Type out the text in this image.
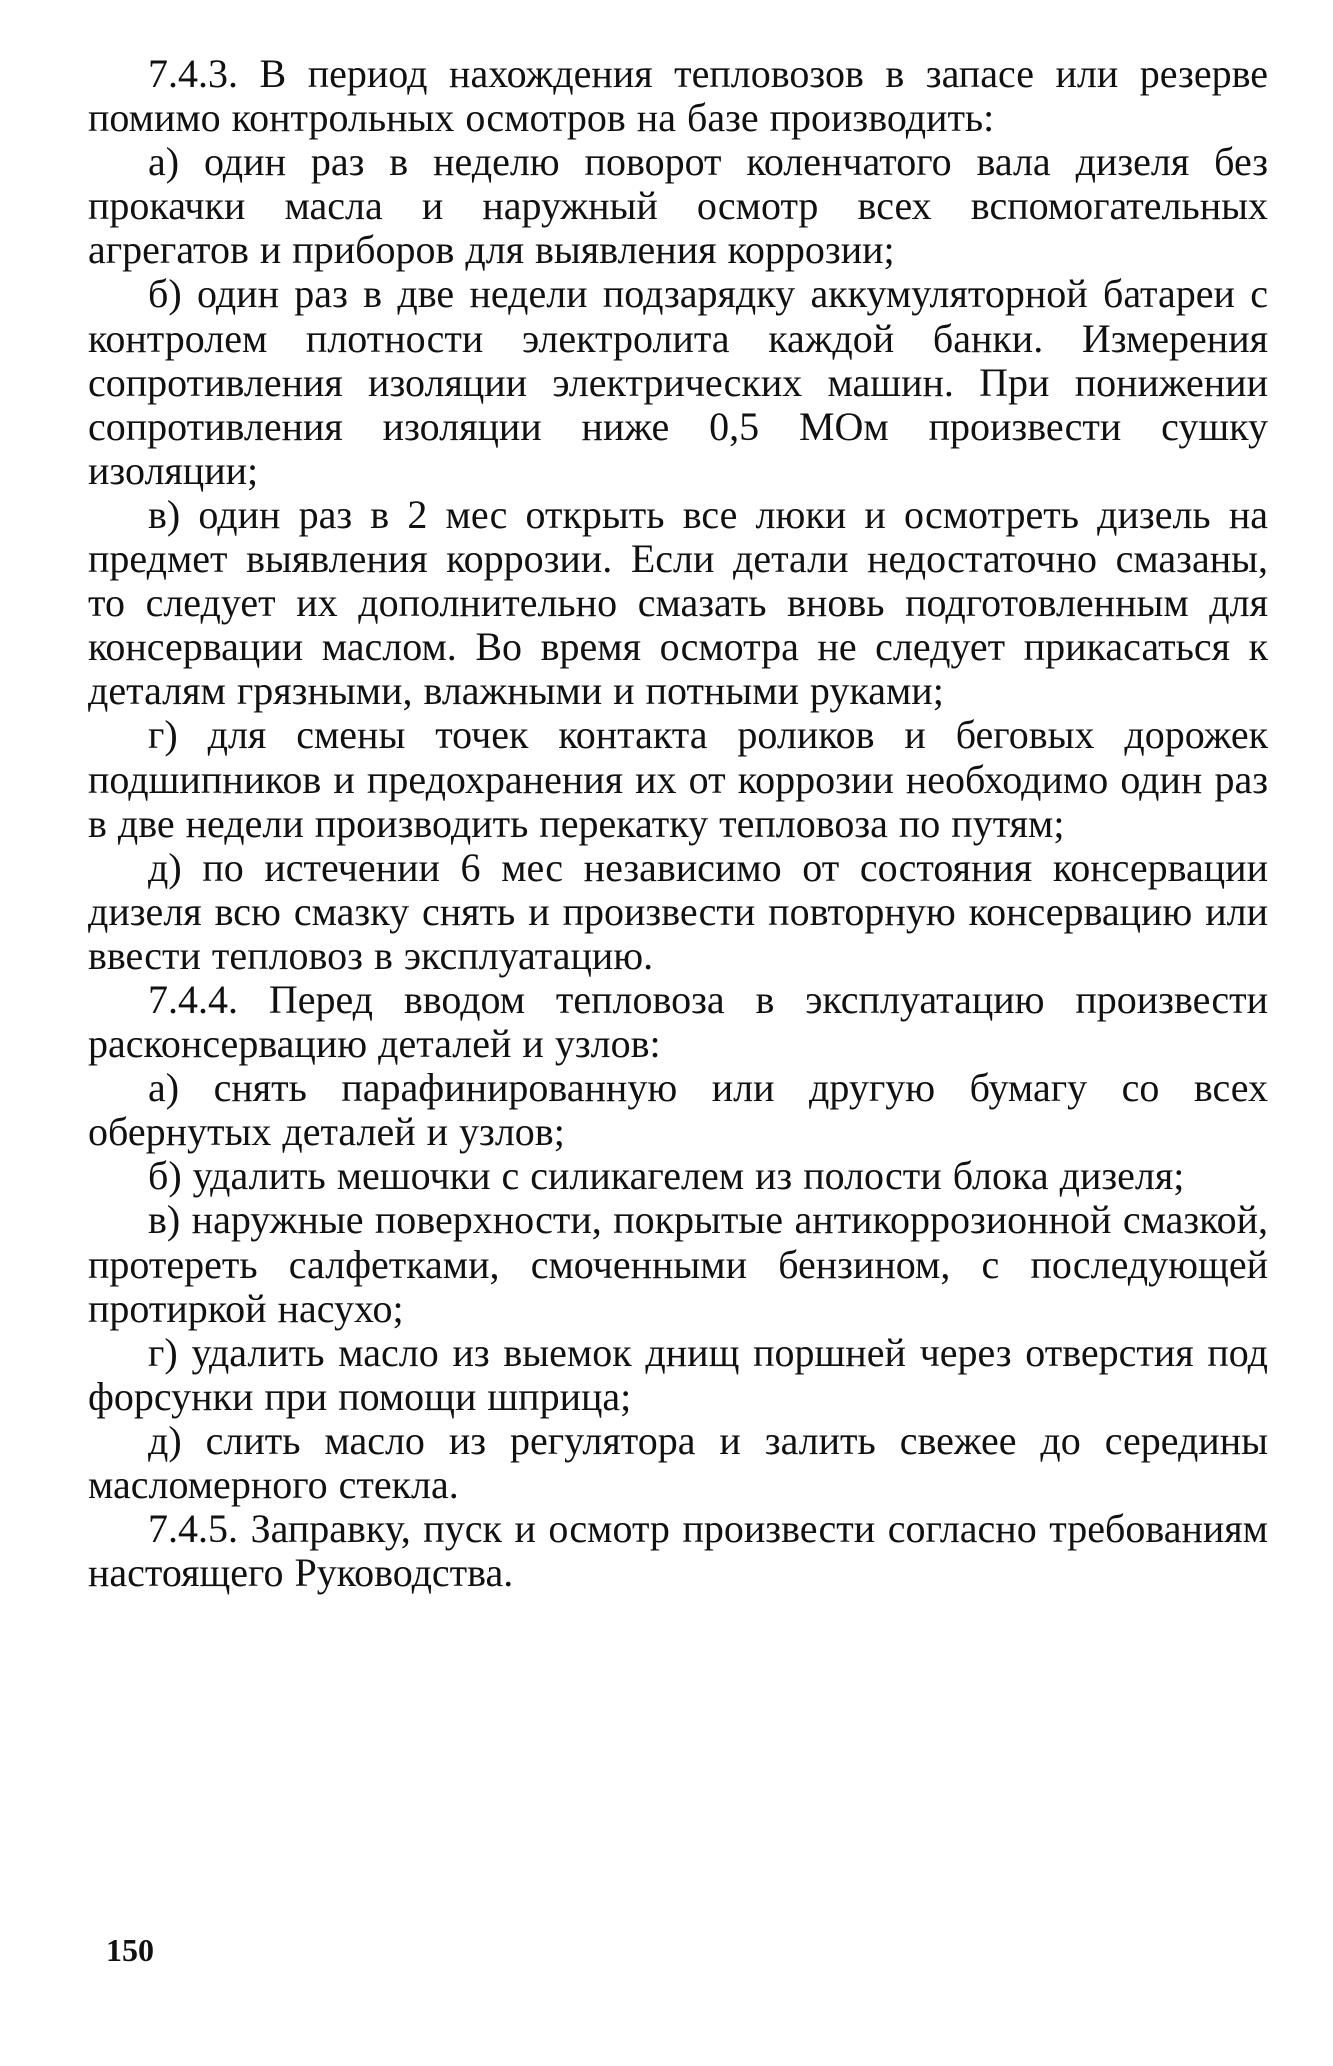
7.4.3. В период нахождения тепловозов в запасе или резерве помимо контрольных осмотров на базе производить:

а) один раз в неделю поворот коленчатого вала дизеля без прокачки масла и наружный осмотр всех вспомогательных агрегатов и приборов для выявления коррозии;

б) один раз в две недели подзарядку аккумуляторной батареи с контролем плотности электролита каждой банки. Измерения сопротивления изоляции электрических машин. При понижении сопротивления изоляции ниже 0,5 МОм произвести сушку изоляции;

в) один раз в 2 мес открыть все люки и осмотреть дизель на предмет выявления коррозии. Если детали недостаточно смазаны, то следует их дополнительно смазать вновь подготовленным для консервации маслом. Во время осмотра не следует прикасаться к деталям грязными, влажными и потными руками;

г) для смены точек контакта роликов и беговых дорожек подшипников и предохранения их от коррозии необходимо один раз в две недели производить перекатку тепловоза по путям;

д) по истечении 6 мес независимо от состояния консервации дизеля всю смазку снять и произвести повторную консервацию или ввести тепловоз в эксплуатацию.

7.4.4. Перед вводом тепловоза в эксплуатацию произвести расконсервацию деталей и узлов:

а) снять парафинированную или другую бумагу со всех обернутых деталей и узлов;

б) удалить мешочки с силикагелем из полости блока дизеля;

в) наружные поверхности, покрытые антикоррозионной смазкой, протереть салфетками, смоченными бензином, с последующей протиркой насухо;

г) удалить масло из выемок днищ поршней через отверстия под форсунки при помощи шприца;

д) слить масло из регулятора и залить свежее до середины масломерного стекла.

7.4.5. Заправку, пуск и осмотр произвести согласно требованиям настоящего Руководства.

150
